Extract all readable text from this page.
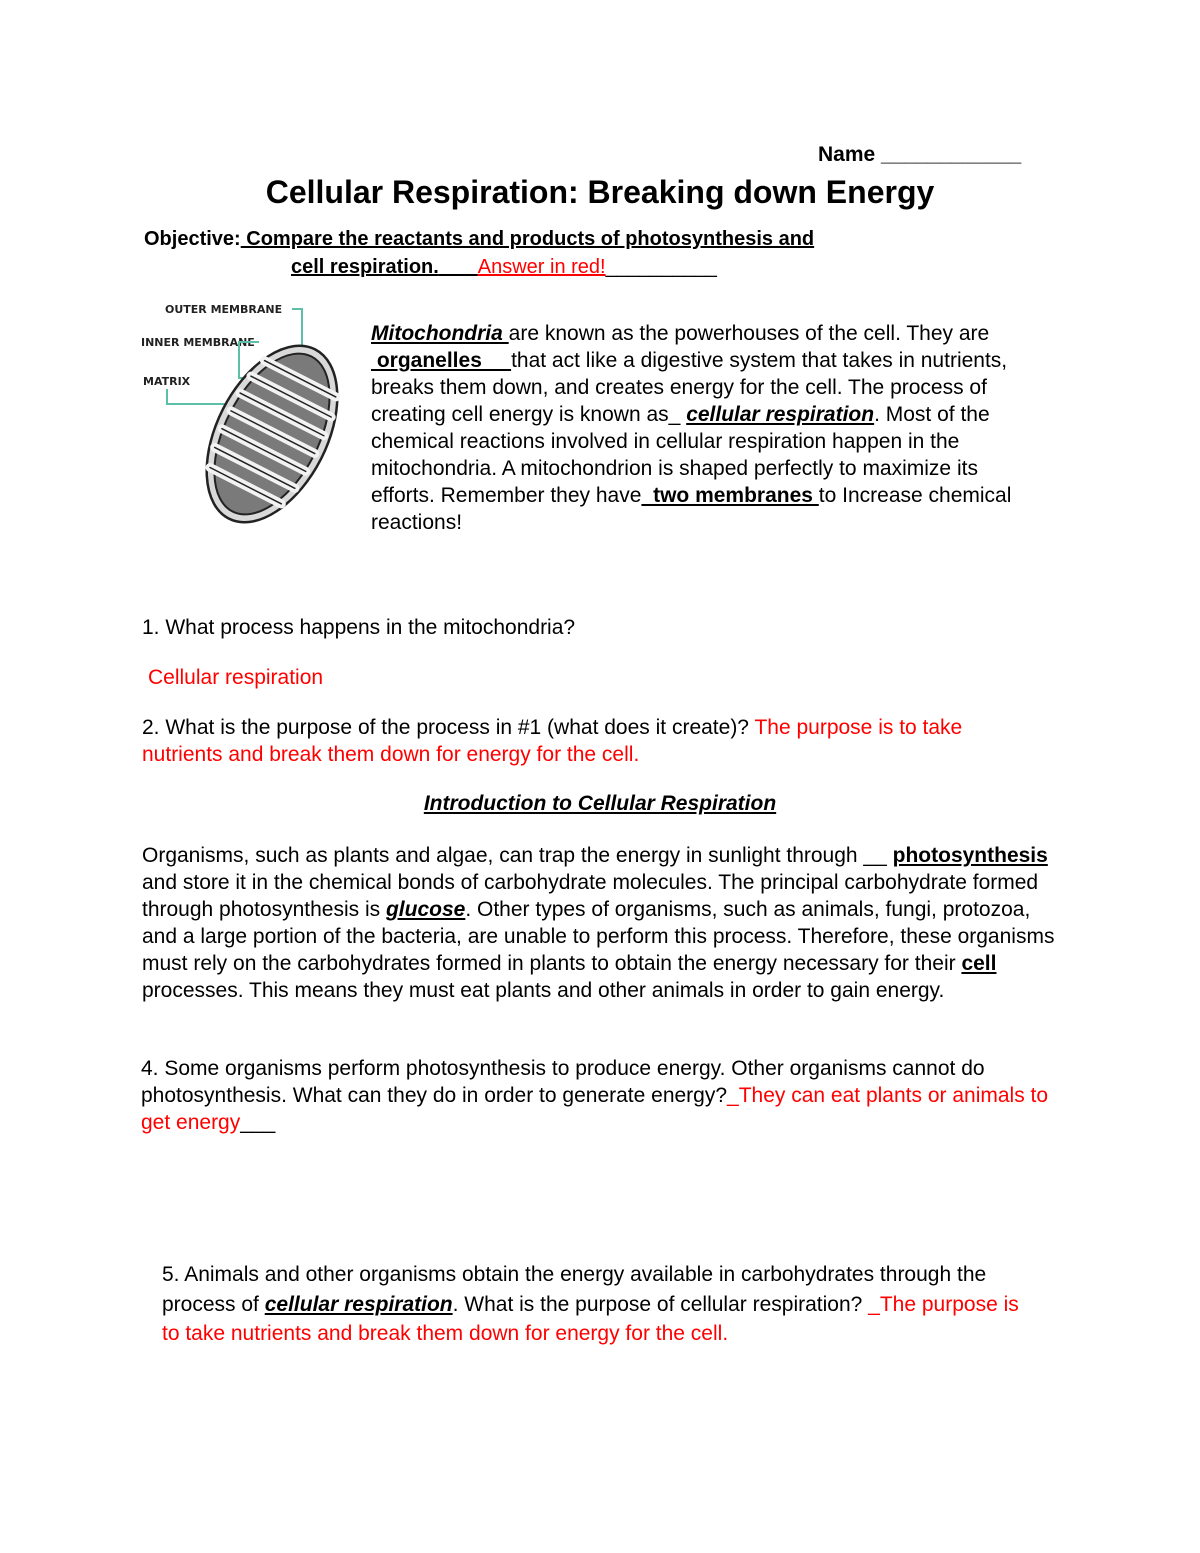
Name ____________
Cellular Respiration: Breaking down Energy
Objective: Compare the reactants and products of photosynthesis and
cell respiration. Answer in red!__________
OUTER MEMBRANE
INNER MEMBRANE
MATRIX

Mitochondria are known as the powerhouses of the cell. They are  organelles     that act like a digestive system that takes in nutrients, breaks them down, and creates energy for the cell. The process of creating cell energy is known as_ cellular respiration. Most of the chemical reactions involved in cellular respiration happen in the mitochondria. A mitochondrion is shaped perfectly to maximize its efforts. Remember they have  two membranes to Increase chemical reactions!

1. What process happens in the mitochondria?

Cellular respiration

2. What is the purpose of the process in #1 (what does it create)? The purpose is to take nutrients and break them down for energy for the cell.

Introduction to Cellular Respiration

Organisms, such as plants and algae, can trap the energy in sunlight through __ photosynthesis and store it in the chemical bonds of carbohydrate molecules. The principal carbohydrate formed through photosynthesis is glucose. Other types of organisms, such as animals, fungi, protozoa, and a large portion of the bacteria, are unable to perform this process. Therefore, these organisms must rely on the carbohydrates formed in plants to obtain the energy necessary for their cell processes. This means they must eat plants and other animals in order to gain energy.

4. Some organisms perform photosynthesis to produce energy. Other organisms cannot do photosynthesis. What can they do in order to generate energy?_They can eat plants or animals to get energy___

5. Animals and other organisms obtain the energy available in carbohydrates through the process of cellular respiration. What is the purpose of cellular respiration? _The purpose is to take nutrients and break them down for energy for the cell.
